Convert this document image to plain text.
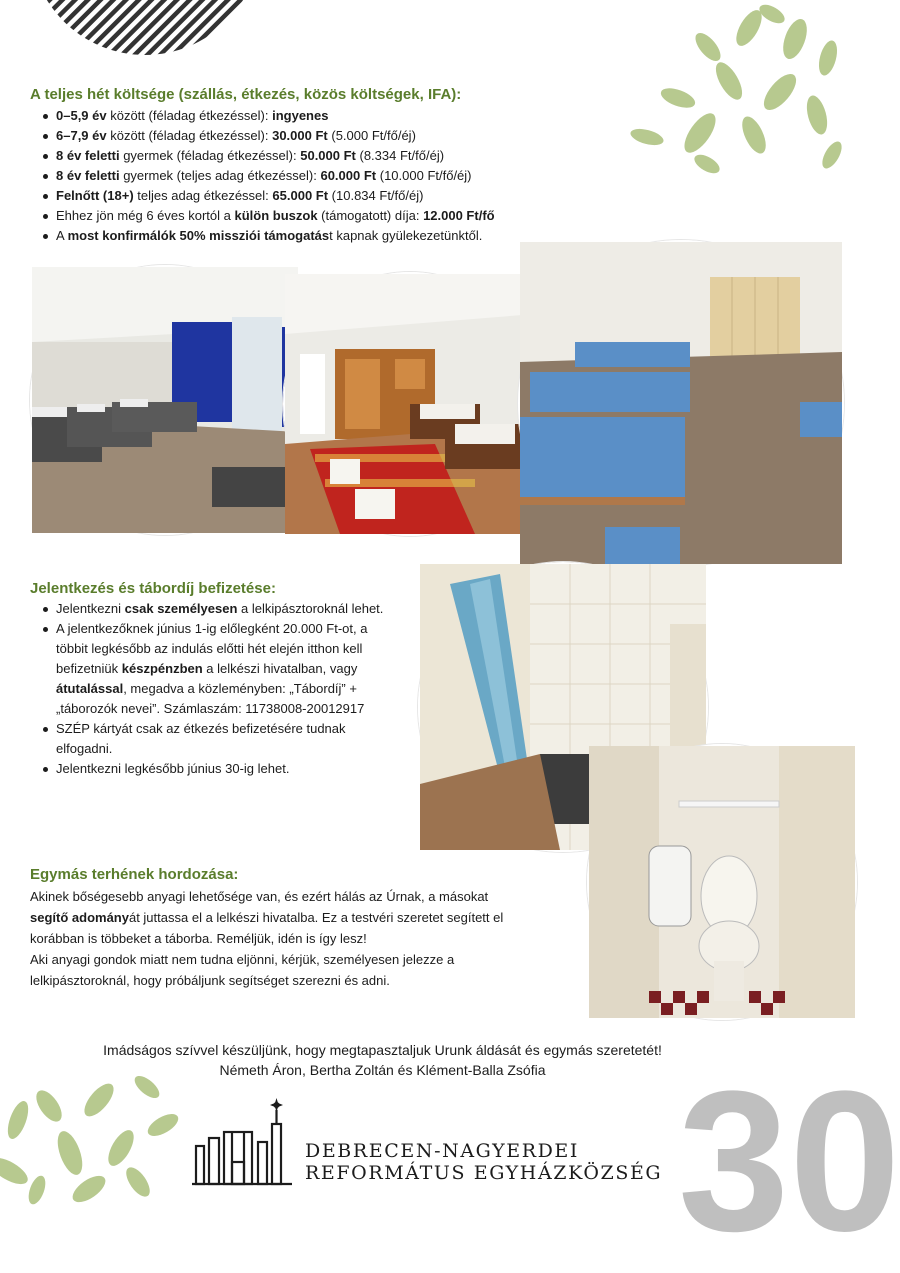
A teljes hét költsége (szállás, étkezés, közös költségek, IFA):
0–5,9 év között (féladag étkezéssel): ingyenes
6–7,9 év között (féladag étkezéssel): 30.000 Ft (5.000 Ft/fő/éj)
8 év feletti gyermek (féladag étkezéssel): 50.000 Ft (8.334 Ft/fő/éj)
8 év feletti gyermek (teljes adag étkezéssel): 60.000 Ft (10.000 Ft/fő/éj)
Felnőtt (18+) teljes adag étkezéssel: 65.000 Ft (10.834 Ft/fő/éj)
Ehhez jön még 6 éves kortól a külön buszok (támogatott) díja: 12.000 Ft/fő
A most konfirmálók 50% missziói támogatást kapnak gyülekezetünktől.
Jelentkezés és tábordíj befizetése:
Jelentkezni csak személyesen a lelkipásztoroknál lehet.
A jelentkezőknek június 1-ig előlegként 20.000 Ft-ot, a
többit legkésőbb az indulás előtti hét elején itthon kell
befizetniük készpénzben a lelkészi hivatalban, vagy
átutalással, megadva a közleményben: „Tábordíj” +
„táborozók nevei”. Számlaszám: 11738008-20012917
SZÉP kártyát csak az étkezés befizetésére tudnak
elfogadni.
Jelentkezni legkésőbb június 30-ig lehet.
Egymás terhének hordozása:
Akinek bőségesebb anyagi lehetősége van, és ezért hálás az Úrnak, a másokat
segítő adományát juttassa el a lelkészi hivatalba. Ez a testvéri szeretet segített el
korábban is többeket a táborba. Reméljük, idén is így lesz!
Aki anyagi gondok miatt nem tudna eljönni, kérjük, személyesen jelezze a
lelkipásztoroknál, hogy próbáljunk segítséget szerezni és adni.
Imádságos szívvel készüljünk, hogy megtapasztaljuk Urunk áldását és egymás szeretetét!
Németh Áron, Bertha Zoltán és Klément-Balla Zsófia 30
DEBRECEN-NAGYERDEI
REFORMÁTUS EGYHÁZKÖZSÉG
